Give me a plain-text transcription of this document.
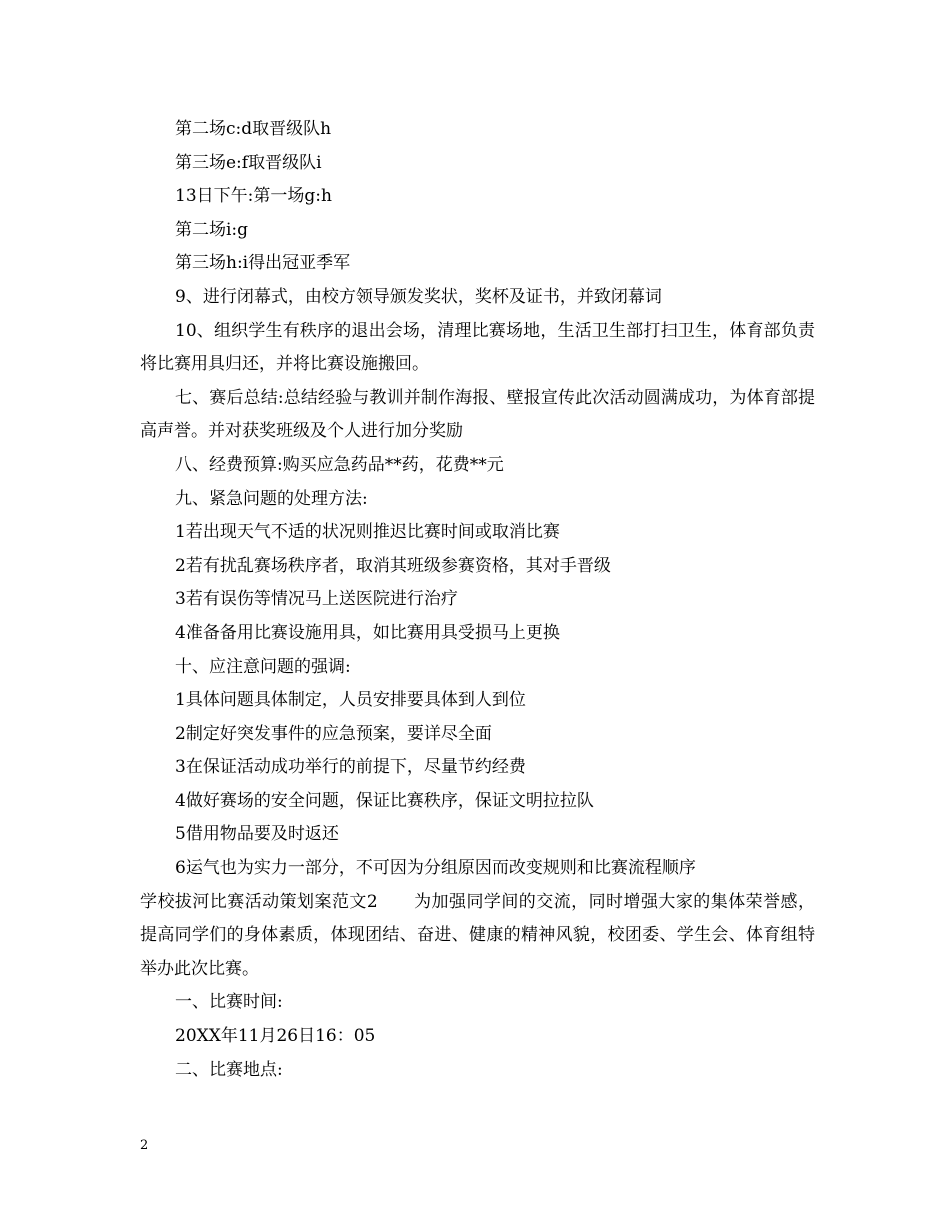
第二场c:d取晋级队h

第三场e:f取晋级队i

13日下午:第一场g:h

第二场i:g

第三场h:i得出冠亚季军

9、进行闭幕式，由校方领导颁发奖状，奖杯及证书，并致闭幕词

10、组织学生有秩序的退出会场，清理比赛场地，生活卫生部打扫卫生，体育部负责将比赛用具归还，并将比赛设施搬回。

七、赛后总结:总结经验与教训并制作海报、壁报宣传此次活动圆满成功，为体育部提高声誉。并对获奖班级及个人进行加分奖励

八、经费预算:购买应急药品**药，花费**元

九、紧急问题的处理方法:

1若出现天气不适的状况则推迟比赛时间或取消比赛

2若有扰乱赛场秩序者，取消其班级参赛资格，其对手晋级

3若有误伤等情况马上送医院进行治疗

4准备备用比赛设施用具，如比赛用具受损马上更换

十、应注意问题的强调:

1具体问题具体制定，人员安排要具体到人到位

2制定好突发事件的应急预案，要详尽全面

3在保证活动成功举行的前提下，尽量节约经费

4做好赛场的安全问题，保证比赛秩序，保证文明拉拉队

5借用物品要及时返还

6运气也为实力一部分，不可因为分组原因而改变规则和比赛流程顺序

学校拔河比赛活动策划案范文2 为加强同学间的交流，同时增强大家的集体荣誉感，提高同学们的身体素质，体现团结、奋进、健康的精神风貌，校团委、学生会、体育组特举办此次比赛。

一、比赛时间:

20XX年11月26日16：05

二、比赛地点:

2
